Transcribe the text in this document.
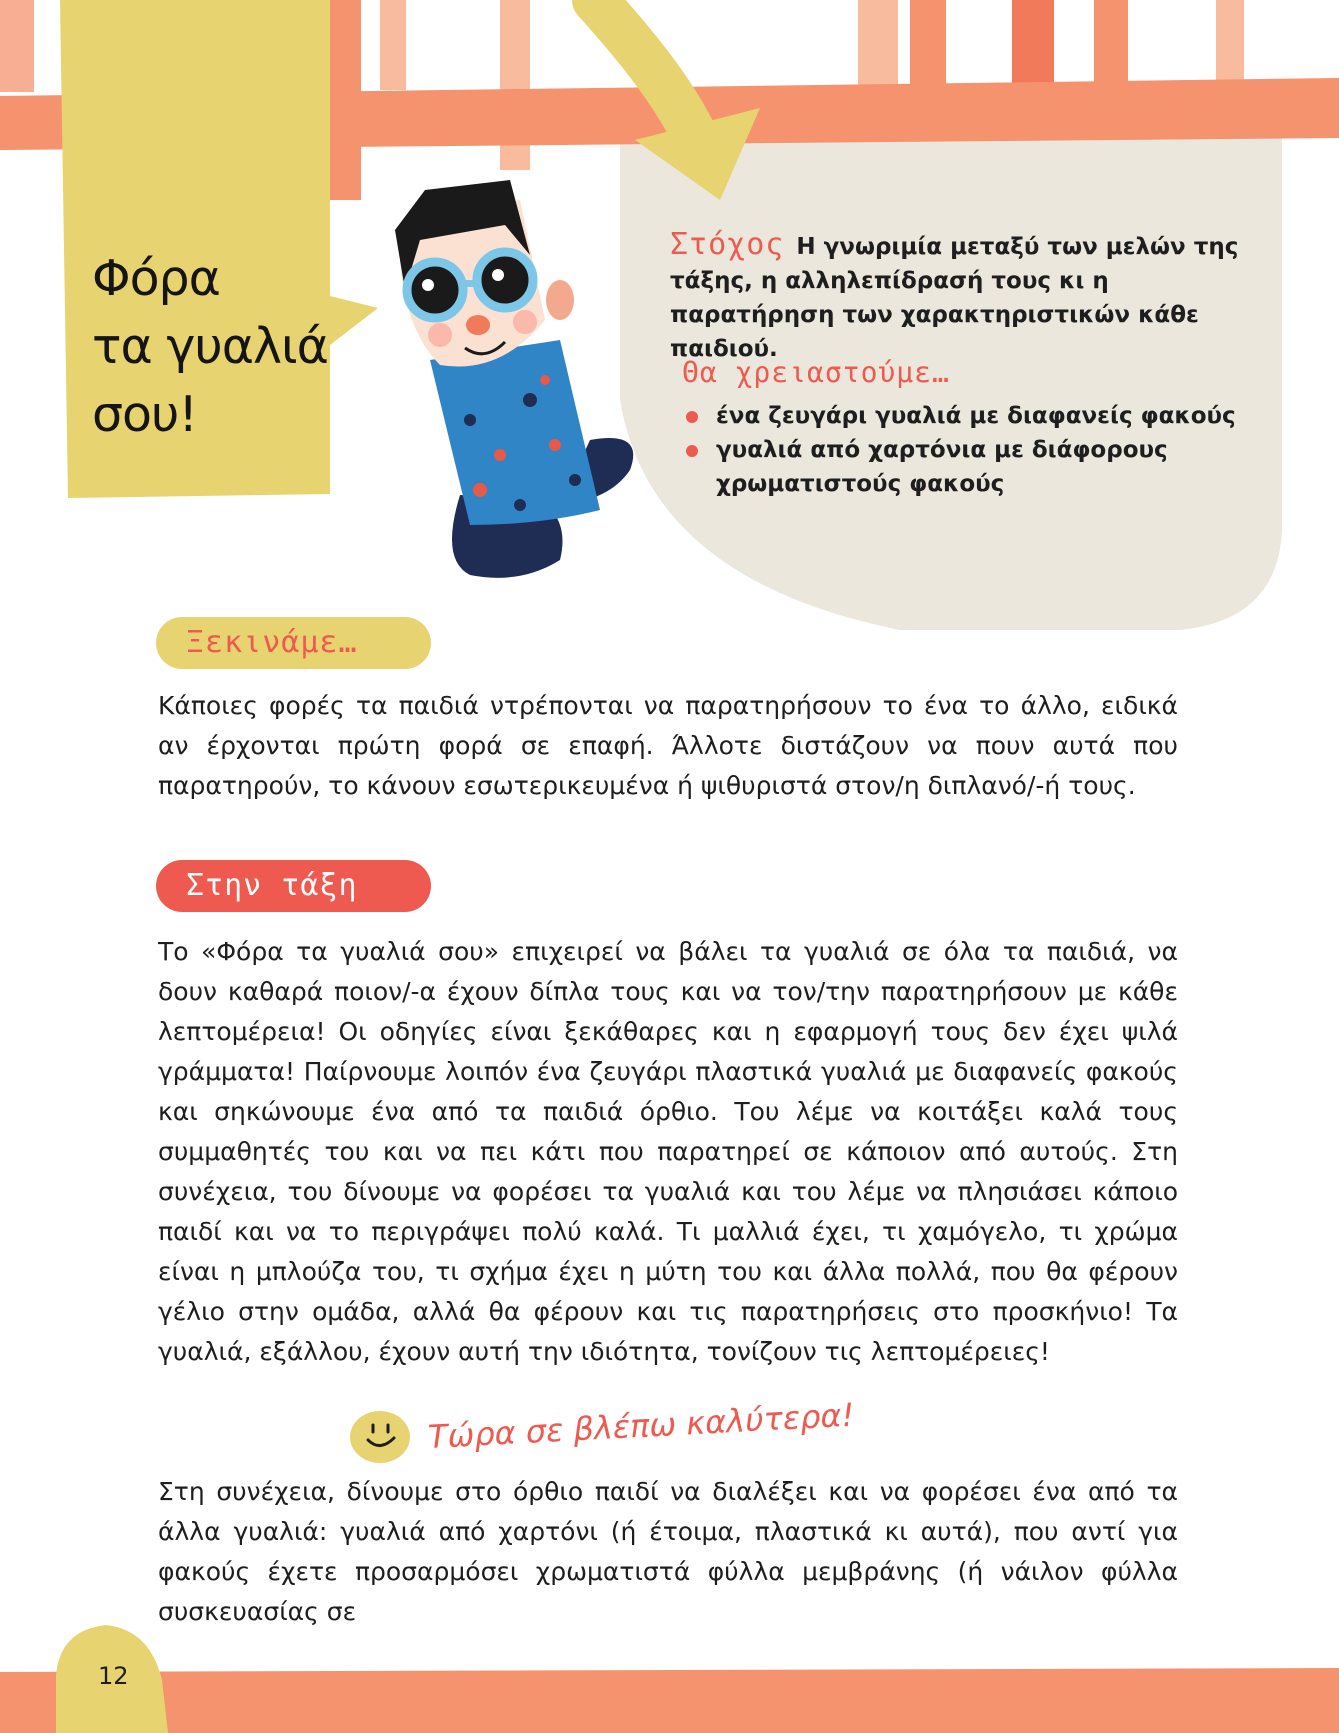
Φόρα
τα γυαλιά
σου!
Στόχος Η γνωριμία μεταξύ των μελών της τάξης, η αλληλεπίδρασή τους κι η παρατήρηση των χαρακτηριστικών κάθε παιδιού.
Θα χρειαστούμε…
ένα ζευγάρι γυαλιά με διαφανείς φακούς
γυαλιά από χαρτόνια με διάφορους χρωματιστούς φακούς
Ξεκινάμε…

Κάποιες φορές τα παιδιά ντρέπονται να παρατηρήσουν το ένα το άλλο, ειδικά αν έρχονται πρώτη φορά σε επαφή. Άλλοτε διστάζουν να πουν αυτά που παρατηρούν, το κάνουν εσωτερικευμένα ή ψιθυριστά στον/η διπλανό/-ή τους.

Στην τάξη

Το «Φόρα τα γυαλιά σου» επιχειρεί να βάλει τα γυαλιά σε όλα τα παιδιά, να δουν καθαρά ποιον/-α έχουν δίπλα τους και να τον/την παρατηρήσουν με κάθε λεπτομέρεια! Οι οδηγίες είναι ξεκάθαρες και η εφαρμογή τους δεν έχει ψιλά γράμματα! Παίρνουμε λοιπόν ένα ζευγάρι πλαστικά γυαλιά με διαφανείς φακούς και σηκώνουμε ένα από τα παιδιά όρθιο. Του λέμε να κοιτάξει καλά τους συμμαθητές του και να πει κάτι που παρατηρεί σε κάποιον από αυτούς. Στη συνέχεια, του δίνουμε να φορέσει τα γυαλιά και του λέμε να πλησιάσει κάποιο παιδί και να το περιγράψει πολύ καλά. Τι μαλλιά έχει, τι χαμόγελο, τι χρώμα είναι η μπλούζα του, τι σχήμα έχει η μύτη του και άλλα πολλά, που θα φέρουν γέλιο στην ομάδα, αλλά θα φέρουν και τις παρατηρήσεις στο προσκήνιο! Τα γυαλιά, εξάλλου, έχουν αυτή την ιδιότητα, τονίζουν τις λεπτομέρειες!

Τώρα σε βλέπω καλύτερα!

Στη συνέχεια, δίνουμε στο όρθιο παιδί να διαλέξει και να φορέσει ένα από τα άλλα γυαλιά: γυαλιά από χαρτόνι (ή έτοιμα, πλαστικά κι αυτά), που αντί για φακούς έχετε προσαρμόσει χρωματιστά φύλλα μεμβράνης (ή νάιλον φύλλα συσκευασίας σε

12
